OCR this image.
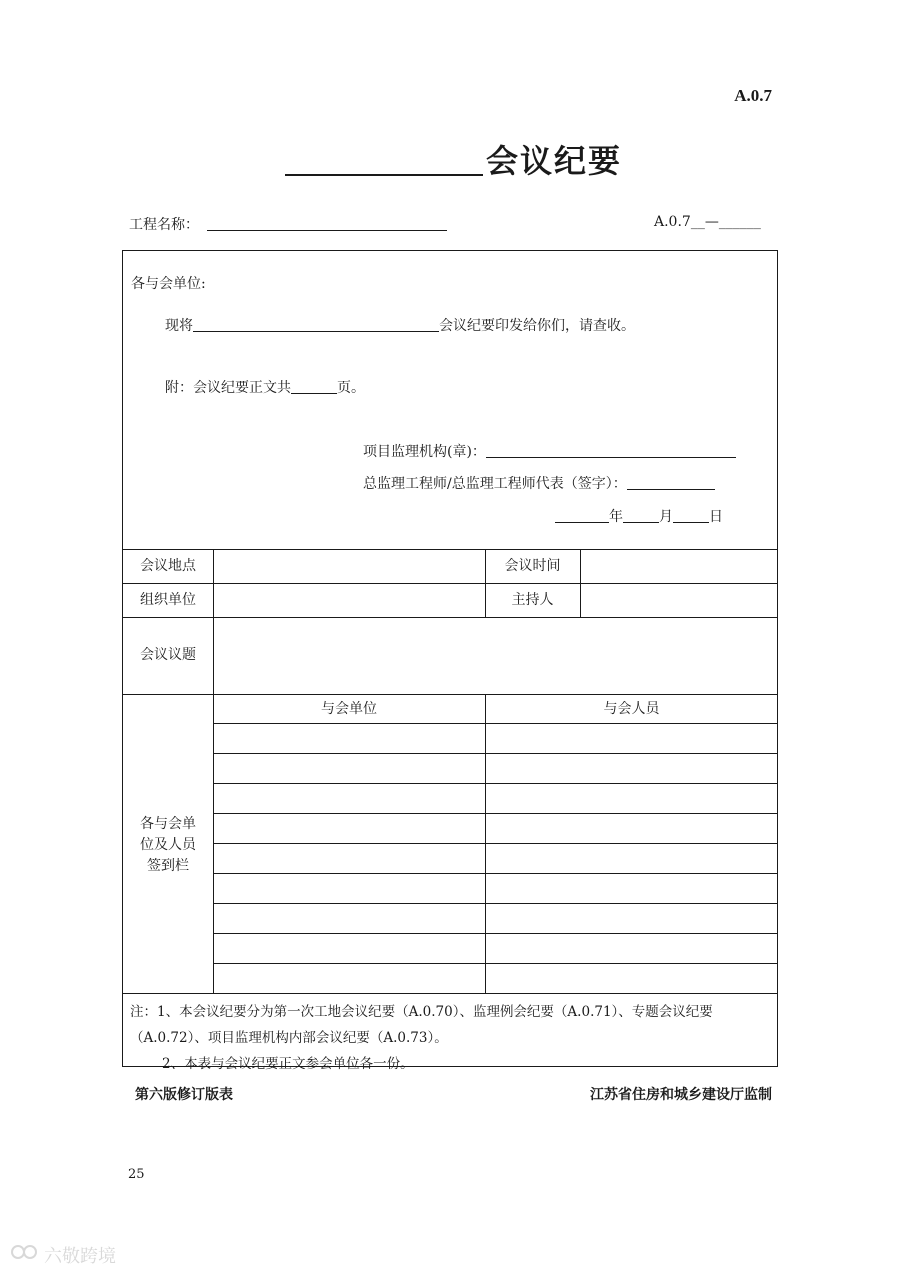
A.0.7
会议纪要
工程名称：	A.0.7__—______
各与会单位:
现将	会议纪要印发给你们，请查收。
附：会议纪要正文共	页。
项目监理机构(章)：
总监理工程师/总监理工程师代表（签字）：
年	月	日
会议地点	会议时间
组织单位	主持人
会议议题
各与会单
位及人员
签到栏
与会单位	与会人员
注：1、本会议纪要分为第一次工地会议纪要（A.0.70）、监理例会纪要（A.0.71）、专题会议纪要（A.0.72）、项目监理机构内部会议纪要（A.0.73）。
2、本表与会议纪要正文参会单位各一份。
第六版修订版表	江苏省住房和城乡建设厅监制
25
六敬跨境
